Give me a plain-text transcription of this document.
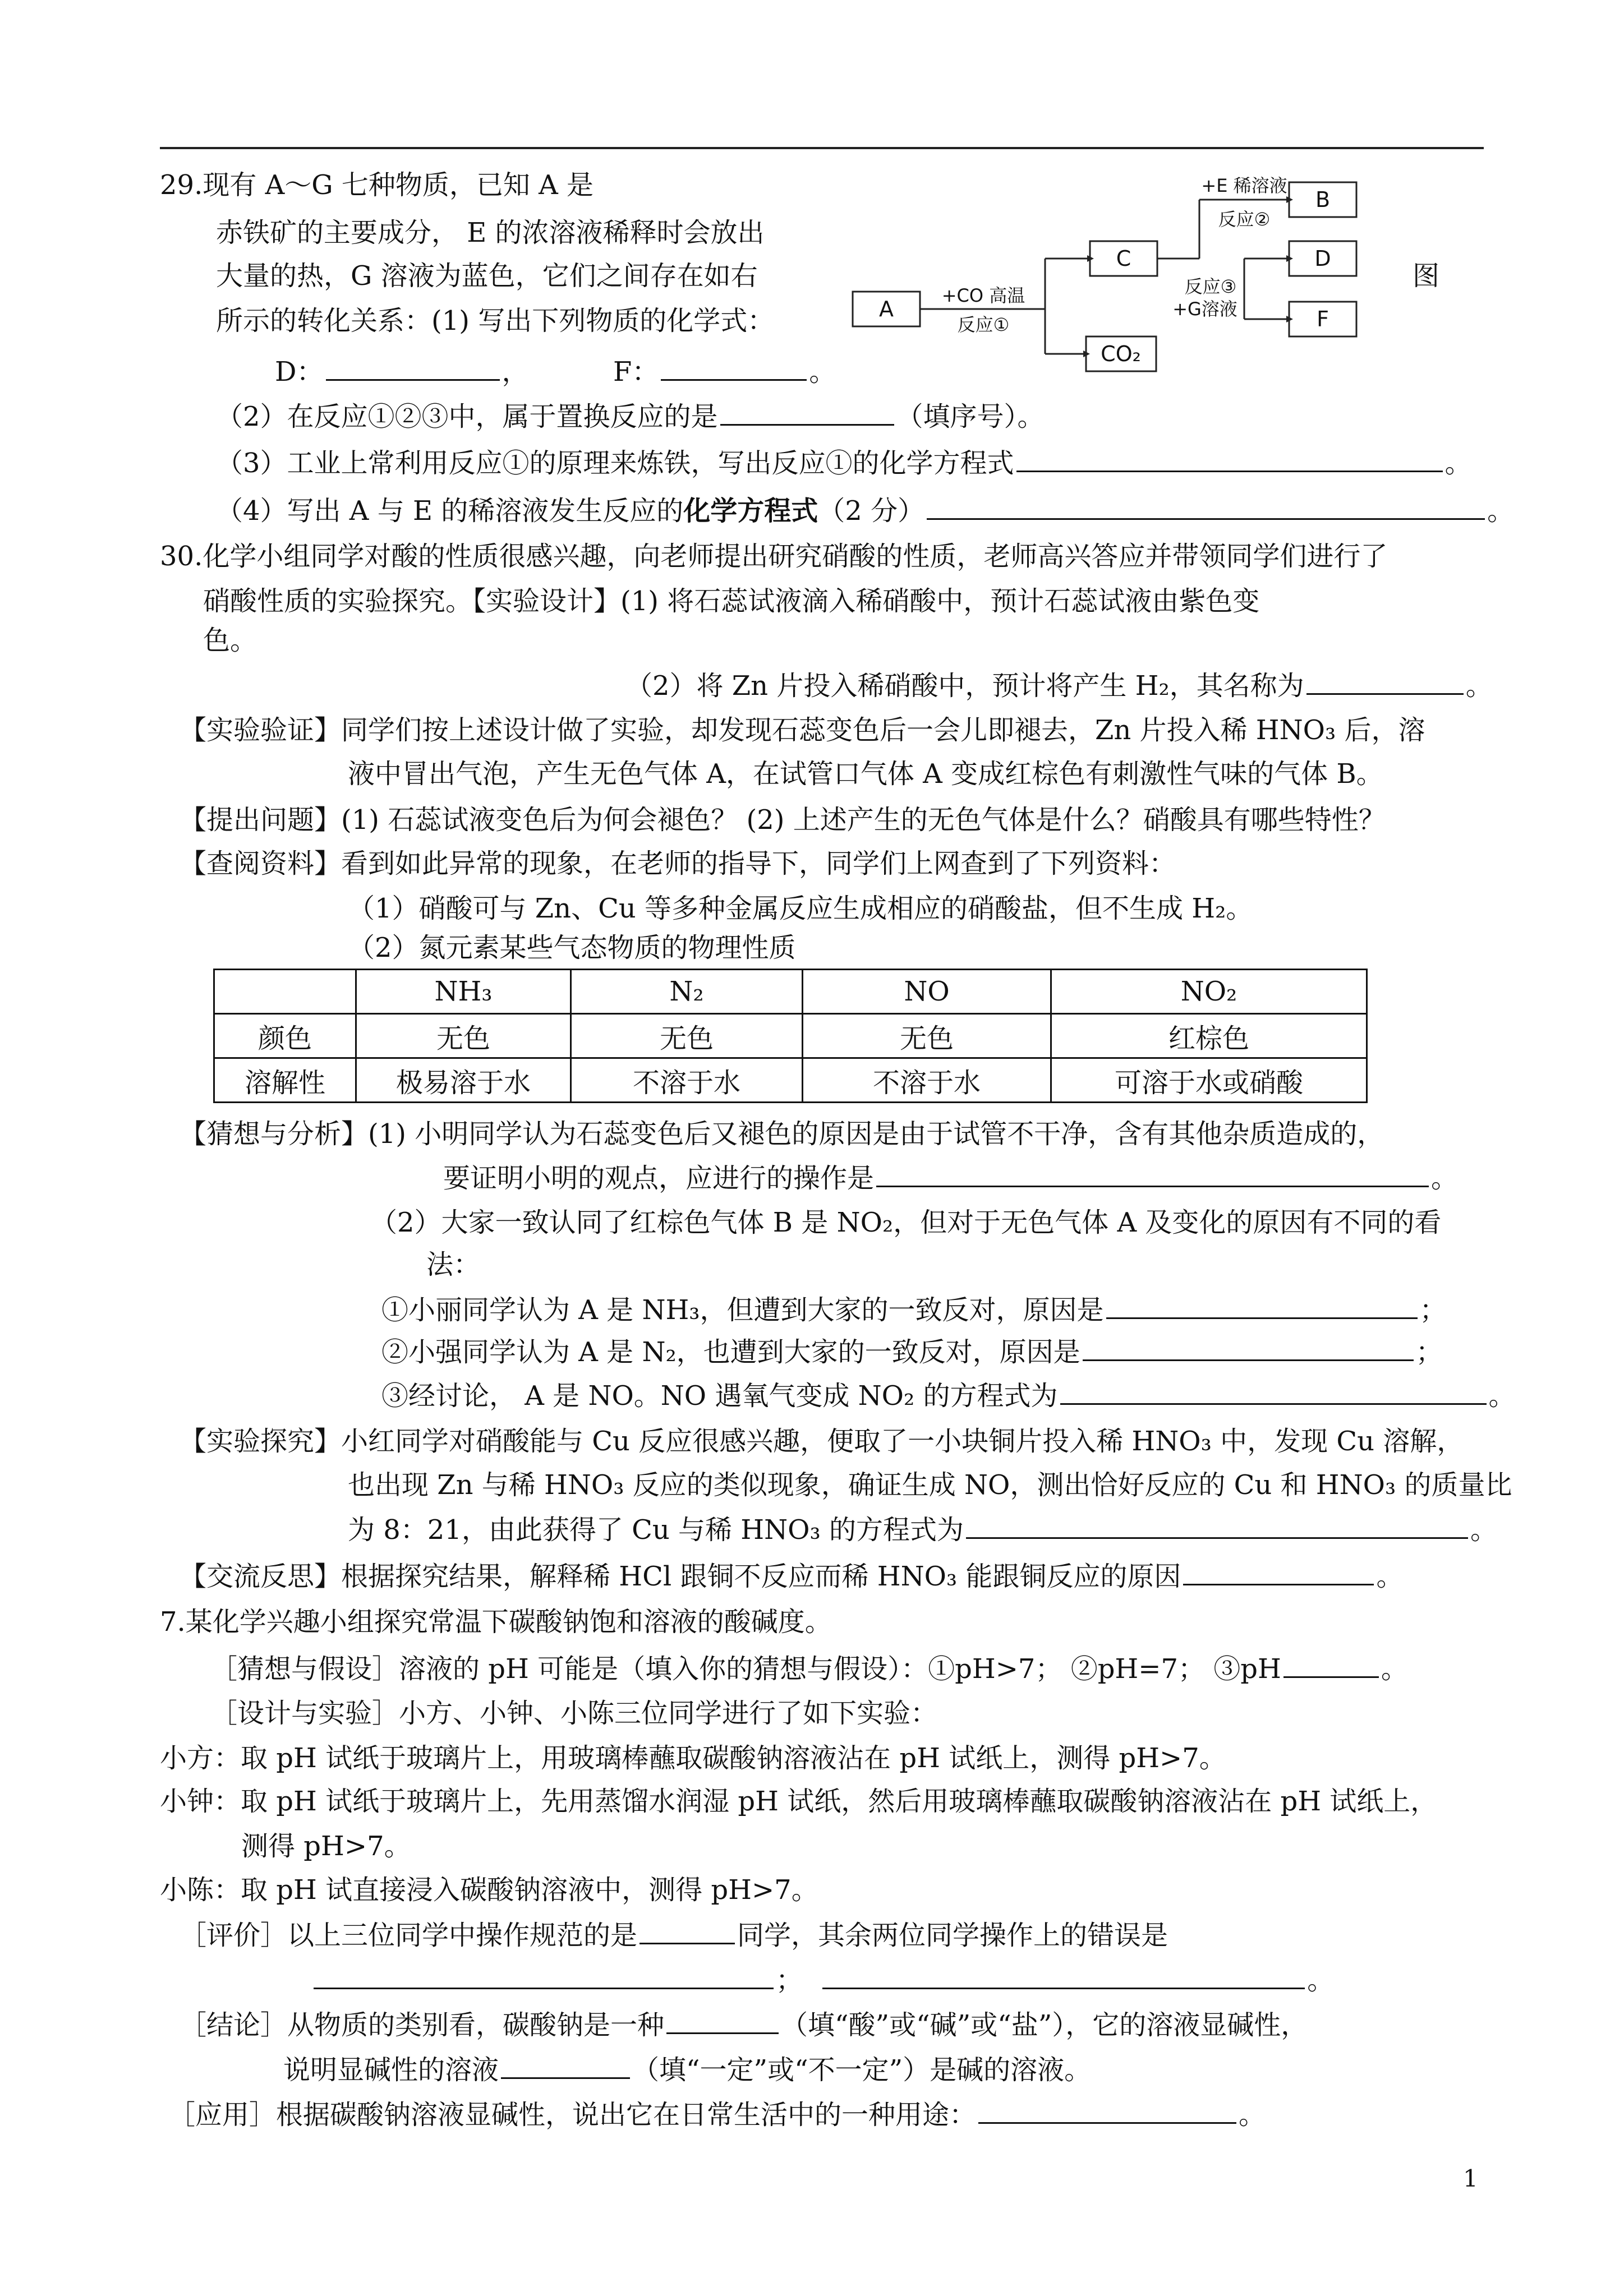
29.现有 A～G 七种物质，已知 A 是
赤铁矿的主要成分， E 的浓溶液稀释时会放出
大量的热，G 溶液为蓝色，它们之间存在如右	图
所示的转化关系：(1) 写出下列物质的化学式：
D：	，	F：	。
（2）在反应①②③中，属于置换反应的是	（填序号）。
（3）工业上常利用反应①的原理来炼铁，写出反应①的化学方程式	。
（4）写出 A 与 E 的稀溶液发生反应的化学方程式（2 分）	。
A
C
CO₂
B
D
F
+CO 高温
反应①
+E 稀溶液
反应②
反应③
+G溶液
30.化学小组同学对酸的性质很感兴趣，向老师提出研究硝酸的性质，老师高兴答应并带领同学们进行了
硝酸性质的实验探究。【实验设计】(1) 将石蕊试液滴入稀硝酸中，预计石蕊试液由紫色变
色。
（2）将 Zn 片投入稀硝酸中，预计将产生 H₂，其名称为	。
【实验验证】同学们按上述设计做了实验，却发现石蕊变色后一会儿即褪去，Zn 片投入稀 HNO₃ 后，溶
液中冒出气泡，产生无色气体 A，在试管口气体 A 变成红棕色有刺激性气味的气体 B。
【提出问题】(1) 石蕊试液变色后为何会褪色？ (2) 上述产生的无色气体是什么？硝酸具有哪些特性？
【查阅资料】看到如此异常的现象，在老师的指导下，同学们上网查到了下列资料：
（1）硝酸可与 Zn、Cu 等多种金属反应生成相应的硝酸盐，但不生成 H₂。
（2）氮元素某些气态物质的物理性质
	NH₃	N₂	NO	NO₂
颜色	无色	无色	无色	红棕色
溶解性	极易溶于水	不溶于水	不溶于水	可溶于水或硝酸
【猜想与分析】(1) 小明同学认为石蕊变色后又褪色的原因是由于试管不干净，含有其他杂质造成的，
要证明小明的观点，应进行的操作是	。
（2）大家一致认同了红棕色气体 B 是 NO₂，但对于无色气体 A 及变化的原因有不同的看
法：
①小丽同学认为 A 是 NH₃，但遭到大家的一致反对，原因是	；
②小强同学认为 A 是 N₂，也遭到大家的一致反对，原因是	；
③经讨论， A 是 NO。NO 遇氧气变成 NO₂ 的方程式为	。
【实验探究】小红同学对硝酸能与 Cu 反应很感兴趣，便取了一小块铜片投入稀 HNO₃ 中，发现 Cu 溶解，
也出现 Zn 与稀 HNO₃ 反应的类似现象，确证生成 NO，测出恰好反应的 Cu 和 HNO₃ 的质量比
为 8：21，由此获得了 Cu 与稀 HNO₃ 的方程式为	。
【交流反思】根据探究结果，解释稀 HCl 跟铜不反应而稀 HNO₃ 能跟铜反应的原因	。
7.某化学兴趣小组探究常温下碳酸钠饱和溶液的酸碱度。
［猜想与假设］溶液的 pH 可能是（填入你的猜想与假设）：①pH>7； ②pH=7； ③pH	。
［设计与实验］小方、小钟、小陈三位同学进行了如下实验：
小方：取 pH 试纸于玻璃片上，用玻璃棒蘸取碳酸钠溶液沾在 pH 试纸上，测得 pH>7。
小钟：取 pH 试纸于玻璃片上，先用蒸馏水润湿 pH 试纸，然后用玻璃棒蘸取碳酸钠溶液沾在 pH 试纸上，
测得 pH>7。
小陈：取 pH 试直接浸入碳酸钠溶液中，测得 pH>7。
［评价］以上三位同学中操作规范的是	同学，其余两位同学操作上的错误是
；	。
［结论］从物质的类别看，碳酸钠是一种	（填“酸”或“碱”或“盐”），它的溶液显碱性，
说明显碱性的溶液	（填“一定”或“不一定”）是碱的溶液。
［应用］根据碳酸钠溶液显碱性，说出它在日常生活中的一种用途：	。
1
